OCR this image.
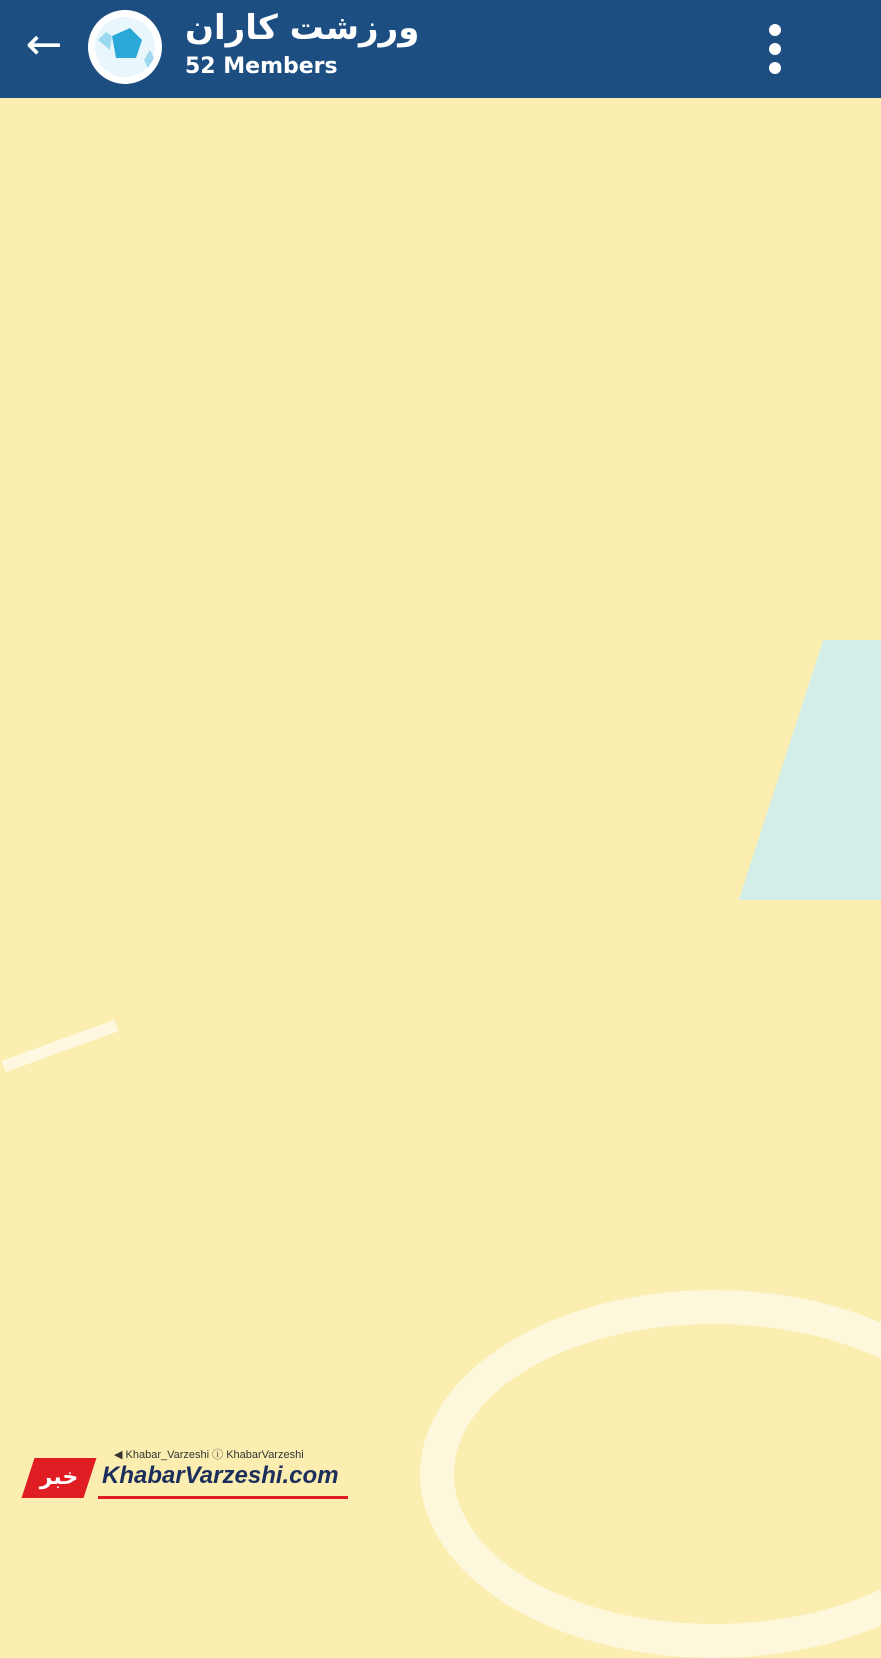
←	ورزشت کاران
52 Members
خبر
◀ Khabar_Varzeshi ⓘ KhabarVarzeshi
KhabarVarzeshi.com
